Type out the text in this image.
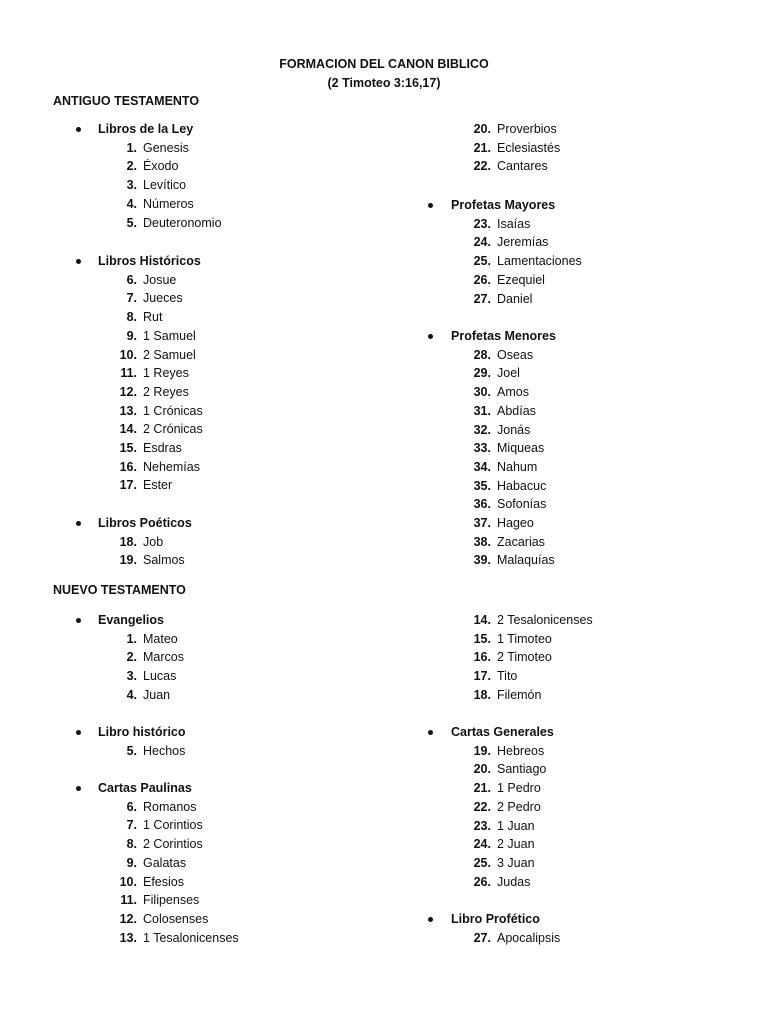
FORMACION DEL CANON BIBLICO
(2 Timoteo 3:16,17)
ANTIGUO TESTAMENTO
NUEVO TESTAMENTO
Libros de la Ley
1. Genesis
2. Éxodo
3. Levítico
4. Números
5. Deuteronomio
Libros Históricos
6. Josue
7. Jueces
8. Rut
9. 1 Samuel
10. 2 Samuel
11. 1 Reyes
12. 2 Reyes
13. 1 Crónicas
14. 2 Crónicas
15. Esdras
16. Nehemías
17. Ester
Libros Poéticos
18. Job
19. Salmos
20. Proverbios
21. Eclesiastés
22. Cantares
Profetas Mayores
23. Isaías
24. Jeremías
25. Lamentaciones
26. Ezequiel
27. Daniel
Profetas Menores
28. Oseas
29. Joel
30. Amos
31. Abdías
32. Jonás
33. Miqueas
34. Nahum
35. Habacuc
36. Sofonías
37. Hageo
38. Zacarias
39. Malaquías
Evangelios
1. Mateo
2. Marcos
3. Lucas
4. Juan
Libro histórico
5. Hechos
Cartas Paulinas
6. Romanos
7. 1 Corintios
8. 2 Corintios
9. Galatas
10. Efesios
11. Filipenses
12. Colosenses
13. 1 Tesalonicenses
14. 2 Tesalonicenses
15. 1 Timoteo
16. 2 Timoteo
17. Tito
18. Filemón
Cartas Generales
19. Hebreos
20. Santiago
21. 1 Pedro
22. 2 Pedro
23. 1 Juan
24. 2 Juan
25. 3 Juan
26. Judas
Libro Profético
27. Apocalipsis
